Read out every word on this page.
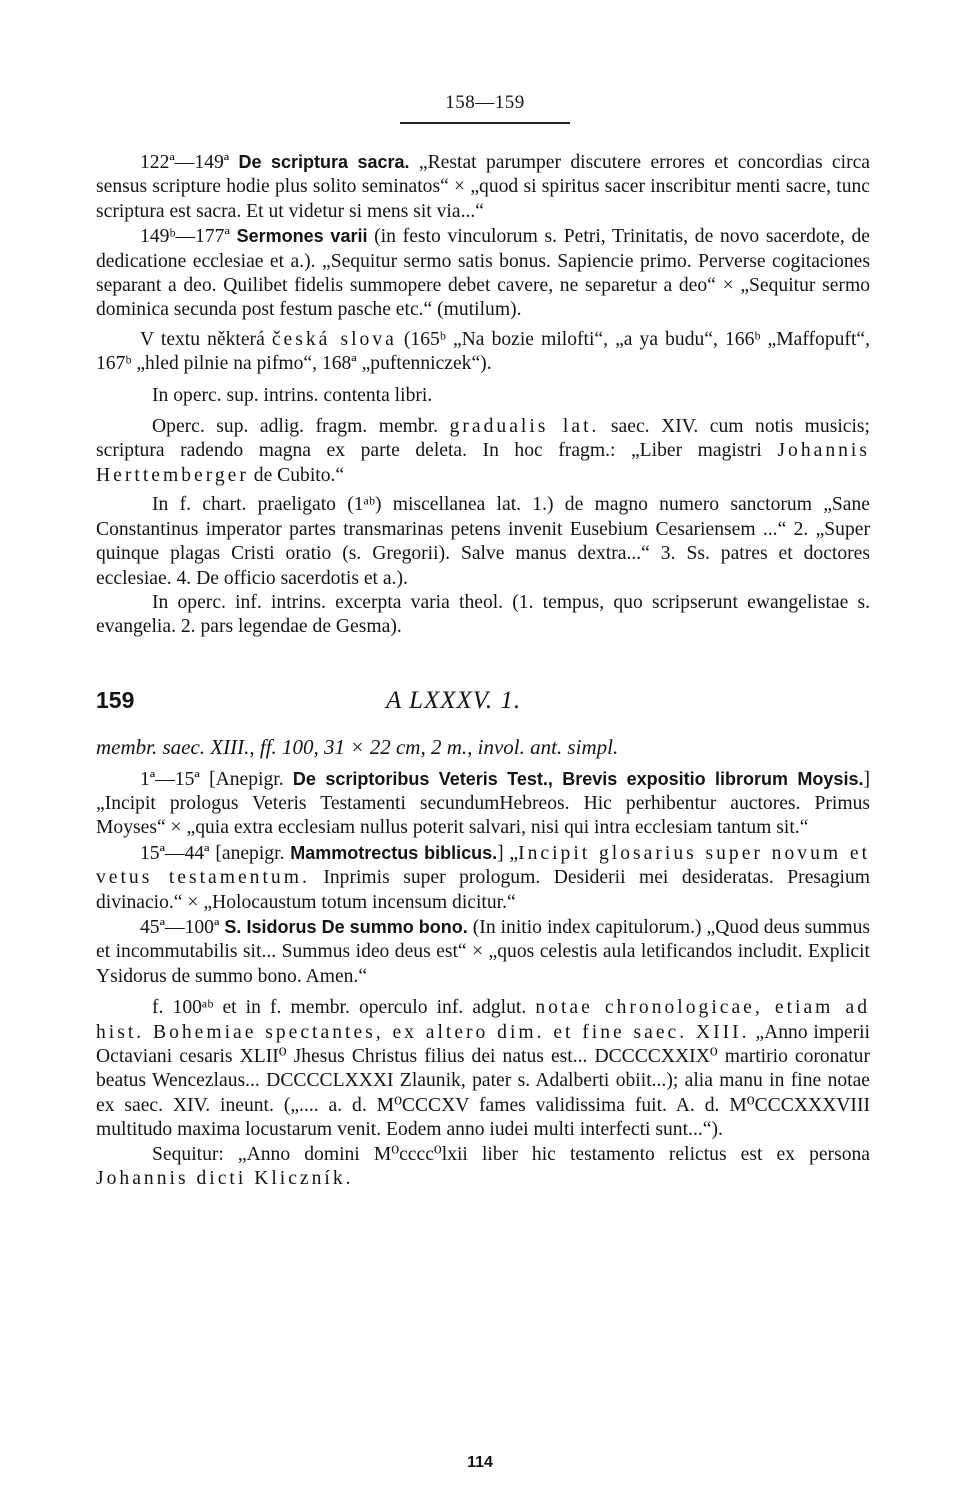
158—159

122ª—149ª De scriptura sacra. „Restat parumper discutere errores et concordias circa sensus scripture hodie plus solito seminatos“ × „quod si spiritus sacer inscribitur menti sacre, tunc scriptura est sacra. Et ut videtur si mens sit via...“

149ᵇ—177ª Sermones varii (in festo vinculorum s. Petri, Trinitatis, de novo sacerdote, de dedicatione ecclesiae et a.). „Sequitur sermo satis bonus. Sapiencie primo. Perverse cogitaciones separant a deo. Quilibet fidelis summopere debet cavere, ne separetur a deo“ × „Sequitur sermo dominica secunda post festum pasche etc.“ (mutilum).

V textu některá česká slova (165ᵇ „Na bozie milofti“, „a ya budu“, 166ᵇ „Maffopuft“, 167ᵇ „hled pilnie na pifmo“, 168ª „puftenniczek“).

In operc. sup. intrins. contenta libri.

Operc. sup. adlig. fragm. membr. gradualis lat. saec. XIV. cum notis musicis; scriptura radendo magna ex parte deleta. In hoc fragm.: „Liber magistri Johannis Herttemberger de Cubito.“

In f. chart. praeligato (1ᵃᵇ) miscellanea lat. 1.) de magno numero sanctorum „Sane Constantinus imperator partes transmarinas petens invenit Eusebium Cesariensem ...“ 2. „Super quinque plagas Cristi oratio (s. Gregorii). Salve manus dextra...“ 3. Ss. patres et doctores ecclesiae. 4. De officio sacerdotis et a.).

In operc. inf. intrins. excerpta varia theol. (1. tempus, quo scripserunt ewangelistae s. evangelia. 2. pars legendae de Gesma).

159	A LXXXV. 1.

membr. saec. XIII., ff. 100, 31 × 22 cm, 2 m., invol. ant. simpl.

1ª—15ª [Anepigr. De scriptoribus Veteris Test., Brevis expositio librorum Moysis.] „Incipit prologus Veteris Testamenti secundumHebreos. Hic perhibentur auctores. Primus Moyses“ × „quia extra ecclesiam nullus poterit salvari, nisi qui intra ecclesiam tantum sit.“

15ª—44ª [anepigr. Mammotrectus biblicus.] „Incipit glosarius super novum et vetus testamentum. Inprimis super prologum. Desiderii mei desideratas. Presagium divinacio.“ × „Holocaustum totum incensum dicitur.“

45ª—100ª S. Isidorus De summo bono. (In initio index capitulorum.) „Quod deus summus et incommutabilis sit... Summus ideo deus est“ × „quos celestis aula letificandos includit. Explicit Ysidorus de summo bono. Amen.“

f. 100ᵃᵇ et in f. membr. operculo inf. adglut. notae chronologicae, etiam ad hist. Bohemiae spectantes, ex altero dim. et fine saec. XIII. „Anno imperii Octaviani cesaris XLII⁰ Jhesus Christus filius dei natus est... DCCCCXXIX⁰ martirio coronatur beatus Wencezlaus... DCCCCLXXXI Zlaunik, pater s. Adalberti obiit...); alia manu in fine notae ex saec. XIV. ineunt. („.... a. d. M⁰CCCXV fames validissima fuit. A. d. M⁰CCCXXXVIII multitudo maxima locustarum venit. Eodem anno iudei multi interfecti sunt...“).

Sequitur: „Anno domini M⁰cccc⁰lxii liber hic testamento relictus est ex persona Johannis dicti Kliczník.

114
